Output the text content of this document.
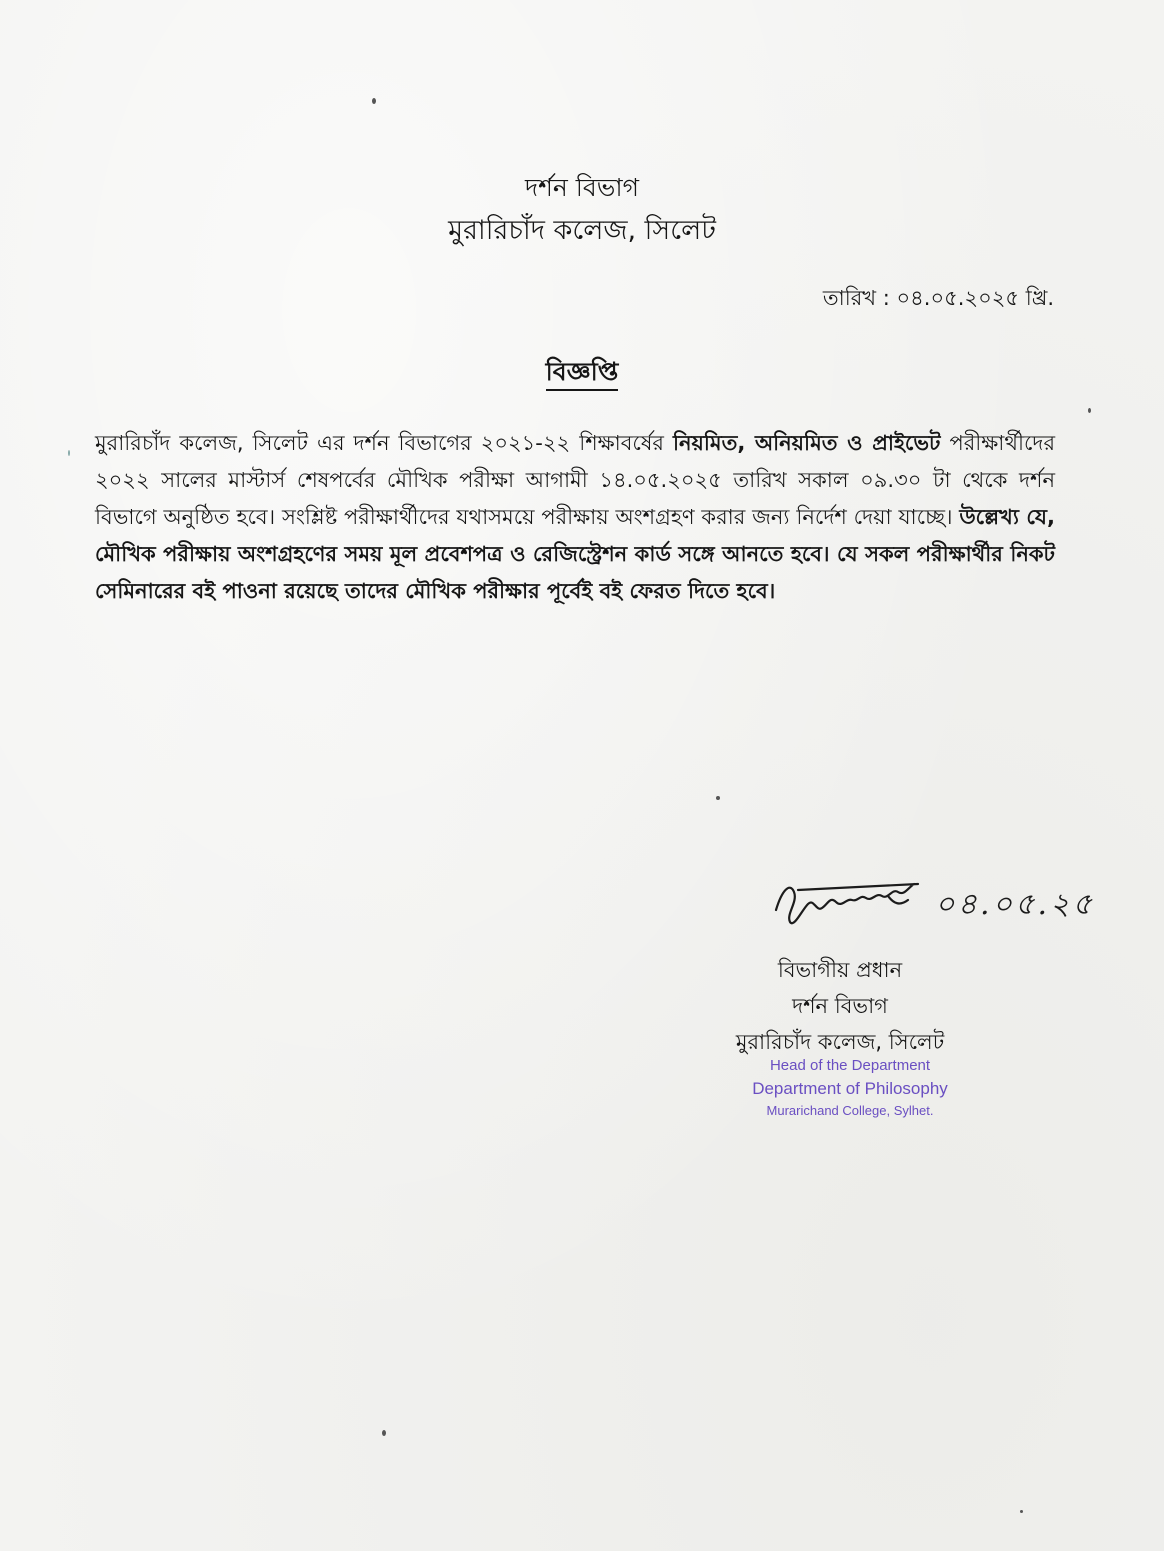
দর্শন বিভাগ
মুরারিচাঁদ কলেজ, সিলেট
তারিখ : ০৪.০৫.২০২৫ খ্রি.
বিজ্ঞপ্তি
মুরারিচাঁদ কলেজ, সিলেট এর দর্শন বিভাগের ২০২১-২২ শিক্ষাবর্ষের নিয়মিত, অনিয়মিত ও প্রাইভেট পরীক্ষার্থীদের ২০২২ সালের মাস্টার্স শেষপর্বের মৌখিক পরীক্ষা আগামী ১৪.০৫.২০২৫ তারিখ সকাল ০৯.৩০ টা থেকে দর্শন বিভাগে অনুষ্ঠিত হবে। সংশ্লিষ্ট পরীক্ষার্থীদের যথাসময়ে পরীক্ষায় অংশগ্রহণ করার জন্য নির্দেশ দেয়া যাচ্ছে। উল্লেখ্য যে, মৌখিক পরীক্ষায় অংশগ্রহণের সময় মূল প্রবেশপত্র ও রেজিস্ট্রেশন কার্ড সঙ্গে আনতে হবে। যে সকল পরীক্ষার্থীর নিকট সেমিনারের বই পাওনা রয়েছে তাদের মৌখিক পরীক্ষার পূর্বেই বই ফেরত দিতে হবে।
০৪.০৫.২৫
বিভাগীয় প্রধান
দর্শন বিভাগ
মুরারিচাঁদ কলেজ, সিলেট
Head of the Department
Department of Philosophy
Murarichand College, Sylhet.
